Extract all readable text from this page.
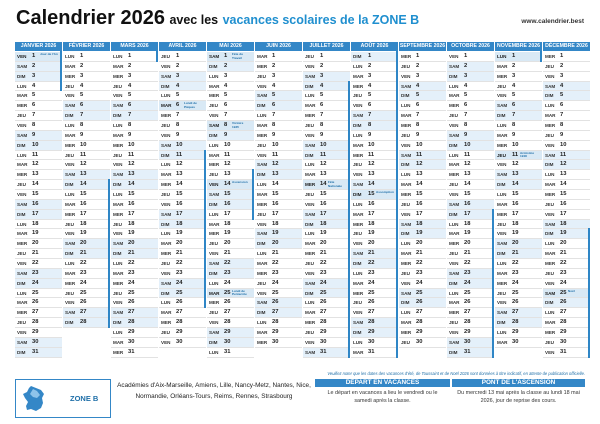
Calendrier 2026 avec les vacances scolaires de la ZONE B	www.calendrier.best
JANVIER 2026
VEN 1 Jour de l'An
SAM 2
DIM 3
LUN 4
MAR 5
MER 6
JEU 7
VEN 8
SAM 9
DIM 10
LUN 11
MAR 12
MER 13
JEU 14
VEN 15
SAM 16
DIM 17
LUN 18
MAR 19
MER 20
JEU 21
VEN 22
SAM 23
DIM 24
LUN 25
MAR 26
MER 27
JEU 28
VEN 29
SAM 30
DIM 31
FÉVRIER 2026
LUN 1
MAR 2
MER 3
JEU 4
VEN 5
SAM 6
DIM 7
LUN 8
MAR 9
MER 10
JEU 11
VEN 12
SAM 13
DIM 14
LUN 15
MAR 16
MER 17
JEU 18
VEN 19
SAM 20
DIM 21
LUN 22
MAR 23
MER 24
JEU 25
VEN 26
SAM 27
DIM 28
MARS 2026
LUN 1
MAR 2
MER 3
JEU 4
VEN 5
SAM 6
DIM 7
LUN 8
MAR 9
MER 10
JEU 11
VEN 12
SAM 13
DIM 14
LUN 15
MAR 16
MER 17
JEU 18
VEN 19
SAM 20
DIM 21
LUN 22
MAR 23
MER 24
JEU 25
VEN 26
SAM 27
DIM 28
LUN 29
MAR 30
MER 31
AVRIL 2026
JEU 1
VEN 2
SAM 3
DIM 4
LUN 5
MAR 6 Lundi de Pâques
MER 7
JEU 8
VEN 9
SAM 10
DIM 11
LUN 12
MAR 13
MER 14
JEU 15
VEN 16
SAM 17
DIM 18
LUN 19
MAR 20
MER 21
JEU 22
VEN 23
SAM 24
DIM 25
LUN 26
MAR 27
MER 28
JEU 29
VEN 30
MAI 2026
SAM 1 Fête du Travail
DIM 2
LUN 3
MAR 4
MER 5
JEU 6
VEN 7
SAM 8 Victoire 1945
DIM 9
LUN 10
MAR 11
MER 12
JEU 13
VEN 14 Ascension
SAM 15
DIM 16
LUN 17
MAR 18
MER 19
JEU 20
VEN 21
SAM 22
DIM 23
LUN 24
MAR 25 Lundi de Pentecôte
MER 26
JEU 27
VEN 28
SAM 29
DIM 30
LUN 31
JUIN 2026
MAR 1
MER 2
JEU 3
VEN 4
SAM 5
DIM 6
LUN 7
MAR 8
MER 9
JEU 10
VEN 11
SAM 12
DIM 13
LUN 14
MAR 15
MER 16
JEU 17
VEN 18
SAM 19
DIM 20
LUN 21
MAR 22
MER 23
JEU 24
VEN 25
SAM 26
DIM 27
LUN 28
MAR 29
MER 30
JUILLET 2026
JEU 1
VEN 2
SAM 3
DIM 4
LUN 5
MAR 6
MER 7
JEU 8
VEN 9
SAM 10
DIM 11
LUN 12
MAR 13
MER 14 Fête Nationale
JEU 15
VEN 16
SAM 17
DIM 18
LUN 19
MAR 20
MER 21
JEU 22
VEN 23
SAM 24
DIM 25
LUN 26
MAR 27
MER 28
JEU 29
VEN 30
SAM 31
AOÛT 2026
DIM 1
LUN 2
MAR 3
MER 4
JEU 5
VEN 6
SAM 7
DIM 8
LUN 9
MAR 10
MER 11
JEU 12
VEN 13
SAM 14
DIM 15 Assomption
LUN 16
MAR 17
MER 18
JEU 19
VEN 20
SAM 21
DIM 22
LUN 23
MAR 24
MER 25
JEU 26
VEN 27
SAM 28
DIM 29
LUN 30
MAR 31
SEPTEMBRE 2026
MER 1
JEU 2
VEN 3
SAM 4
DIM 5
LUN 6
MAR 7
MER 8
JEU 9
VEN 10
SAM 11
DIM 12
LUN 13
MAR 14
MER 15
JEU 16
VEN 17
SAM 18
DIM 19
LUN 20
MAR 21
MER 22
JEU 23
VEN 24
SAM 25
DIM 26
LUN 27
MAR 28
MER 29
JEU 30
OCTOBRE 2026
VEN 1
SAM 2
DIM 3
LUN 4
MAR 5
MER 6
JEU 7
VEN 8
SAM 9
DIM 10
LUN 11
MAR 12
MER 13
JEU 14
VEN 15
SAM 16
DIM 17
LUN 18
MAR 19
MER 20
JEU 21
VEN 22
SAM 23
DIM 24
LUN 25
MAR 26
MER 27
JEU 28
VEN 29
SAM 30
DIM 31
NOVEMBRE 2026
LUN 1
MAR 2
MER 3
JEU 4
VEN 5
SAM 6
DIM 7
LUN 8
MAR 9
MER 10
JEU 11 Armistice 1918
VEN 12
SAM 13
DIM 14
LUN 15
MAR 16
MER 17
JEU 18
VEN 19
SAM 20
DIM 21
LUN 22
MAR 23
MER 24
JEU 25
VEN 26
SAM 27
DIM 28
LUN 29
MAR 30
DÉCEMBRE 2026
MER 1
JEU 2
VEN 3
SAM 4
DIM 5
LUN 6
MAR 7
MER 8
JEU 9
VEN 10
SAM 11
DIM 12
LUN 13
MAR 14
MER 15
JEU 16
VEN 17
SAM 18
DIM 19
LUN 20
MAR 21
MER 22
JEU 23
VEN 24
SAM 25 Noël
DIM 26
LUN 27
MAR 28
MER 29
JEU 30
VEN 31
Veuillez noter que les dates des vacances d'été, de Toussaint et de Noël 2026 sont données à titre indicatif, en attente de publication officielle.
ZONE B
Académies d'Aix-Marseille, Amiens, Lille, Nancy-Metz, Nantes, Nice, Normandie, Orléans-Tours, Reims, Rennes, Strasbourg
DÉPART EN VACANCES
Le départ en vacances a lieu le vendredi ou le samedi après la classe.
PONT DE L'ASCENSION
Du mercredi 13 mai après la classe au lundi 18 mai 2026, jour de reprise des cours.
